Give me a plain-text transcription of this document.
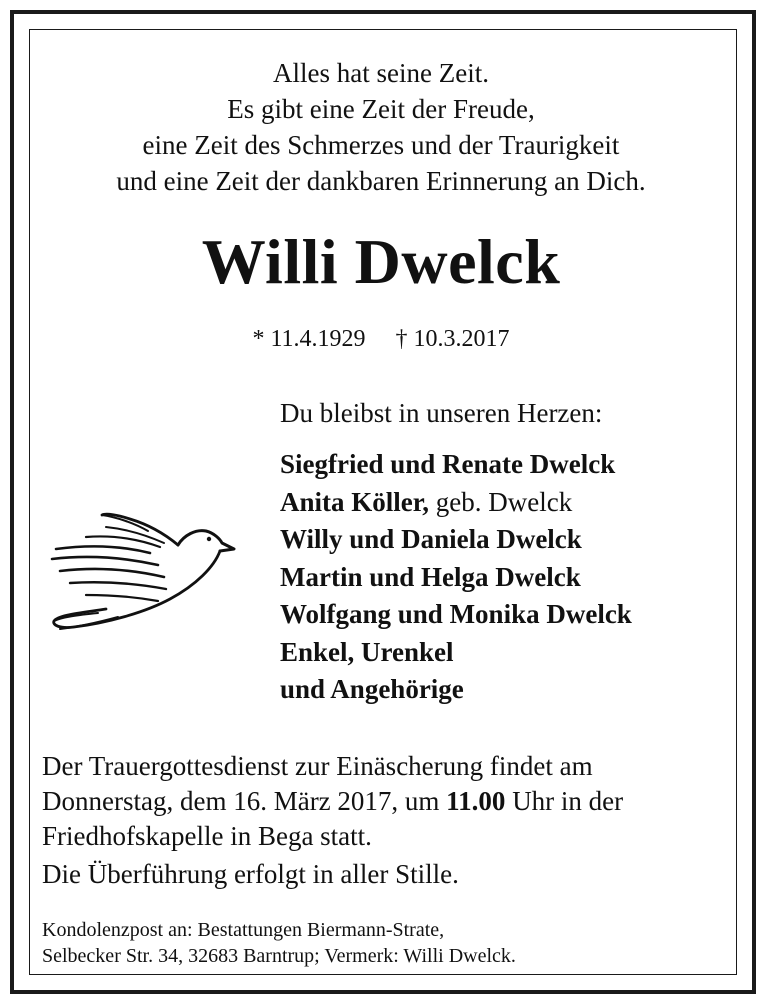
Alles hat seine Zeit.
Es gibt eine Zeit der Freude,
eine Zeit des Schmerzes und der Traurigkeit
und eine Zeit der dankbaren Erinnerung an Dich.
Willi Dwelck
* 11.4.1929 † 10.3.2017
Du bleibst in unseren Herzen:
Siegfried und Renate Dwelck
Anita Köller, geb. Dwelck
Willy und Daniela Dwelck
Martin und Helga Dwelck
Wolfgang und Monika Dwelck
Enkel, Urenkel
und Angehörige
Der Trauergottesdienst zur Einäscherung findet am
Donnerstag, dem 16. März 2017, um 11.00 Uhr in der
Friedhofskapelle in Bega statt.
Die Überführung erfolgt in aller Stille.
Kondolenzpost an: Bestattungen Biermann-Strate,
Selbecker Str. 34, 32683 Barntrup; Vermerk: Willi Dwelck.
